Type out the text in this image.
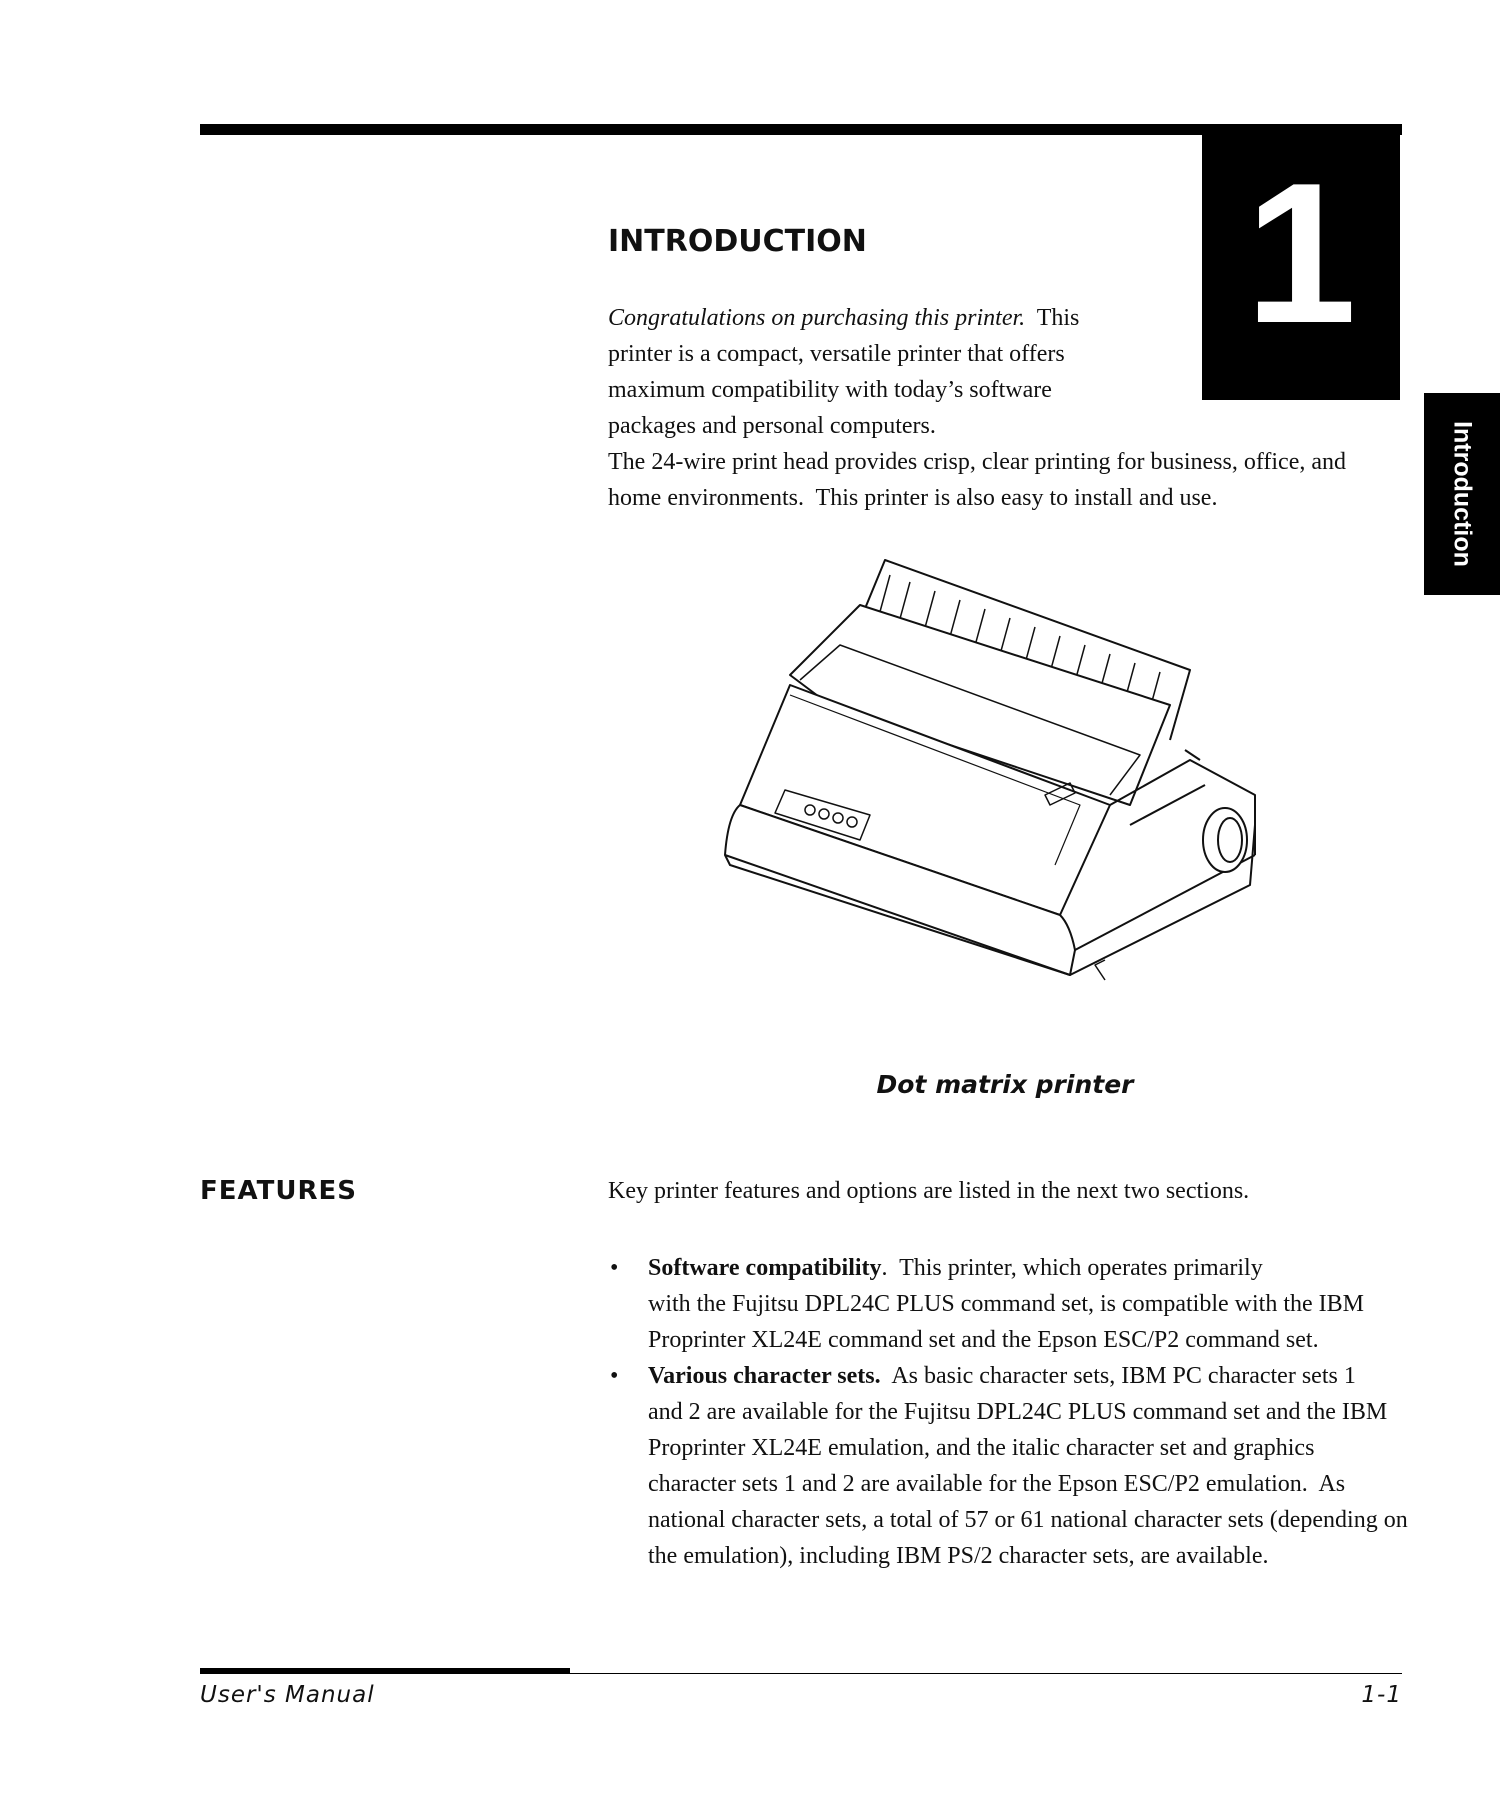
1
Introduction
INTRODUCTION
Congratulations on purchasing this printer.  This
printer is a compact, versatile printer that offers
maximum compatibility with today’s software
packages and personal computers.
The 24-wire print head provides crisp, clear printing for business, office, and
home environments.  This printer is also easy to install and use.
Dot matrix printer
FEATURES	Key printer features and options are listed in the next two sections.

• Software compatibility.  This printer, which operates primarily
with the Fujitsu DPL24C PLUS command set, is compatible with the IBM Proprinter XL24E command set and the Epson ESC/P2 command set.
• Various character sets.  As basic character sets, IBM PC character sets 1
and 2 are available for the Fujitsu DPL24C PLUS command set and the IBM Proprinter XL24E emulation, and the italic character set and graphics character sets 1 and 2 are available for the Epson ESC/P2 emulation.  As national character sets, a total of 57 or 61 national character sets (depending on the emulation), including IBM PS/2 character sets, are available.
User's Manual	1-1
